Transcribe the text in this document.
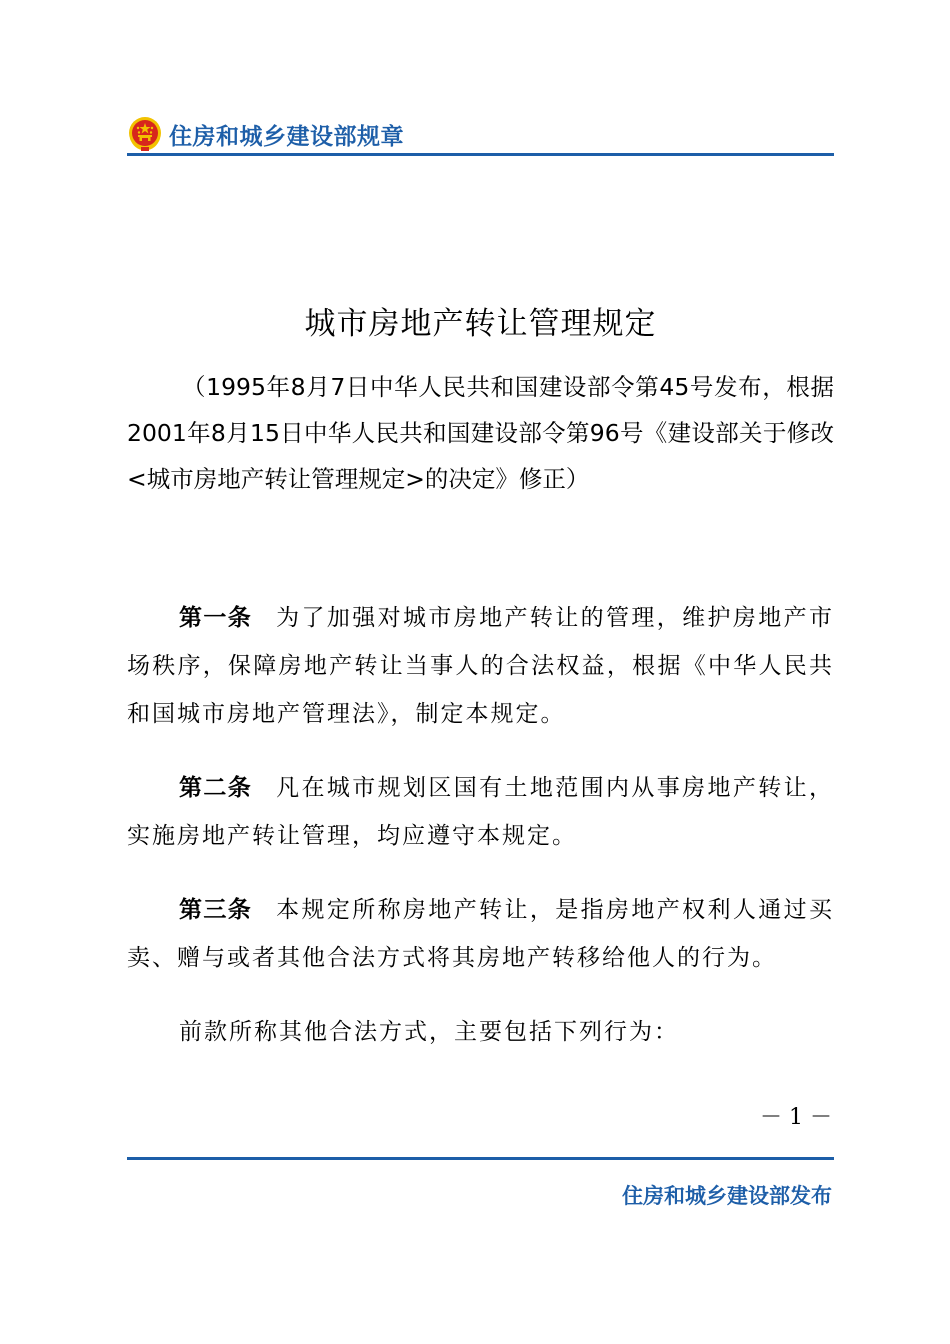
住房和城乡建设部规章
城市房地产转让管理规定
（1995年8月7日中华人民共和国建设部令第45号发布，根据2001年8月15日中华人民共和国建设部令第96号《建设部关于修改<城市房地产转让管理规定>的决定》修正）
第一条 为了加强对城市房地产转让的管理，维护房地产市场秩序，保障房地产转让当事人的合法权益，根据《中华人民共和国城市房地产管理法》，制定本规定。
第二条 凡在城市规划区国有土地范围内从事房地产转让，实施房地产转让管理，均应遵守本规定。
第三条 本规定所称房地产转让，是指房地产权利人通过买卖、赠与或者其他合法方式将其房地产转移给他人的行为。
前款所称其他合法方式，主要包括下列行为：
－ 1 －
住房和城乡建设部发布
